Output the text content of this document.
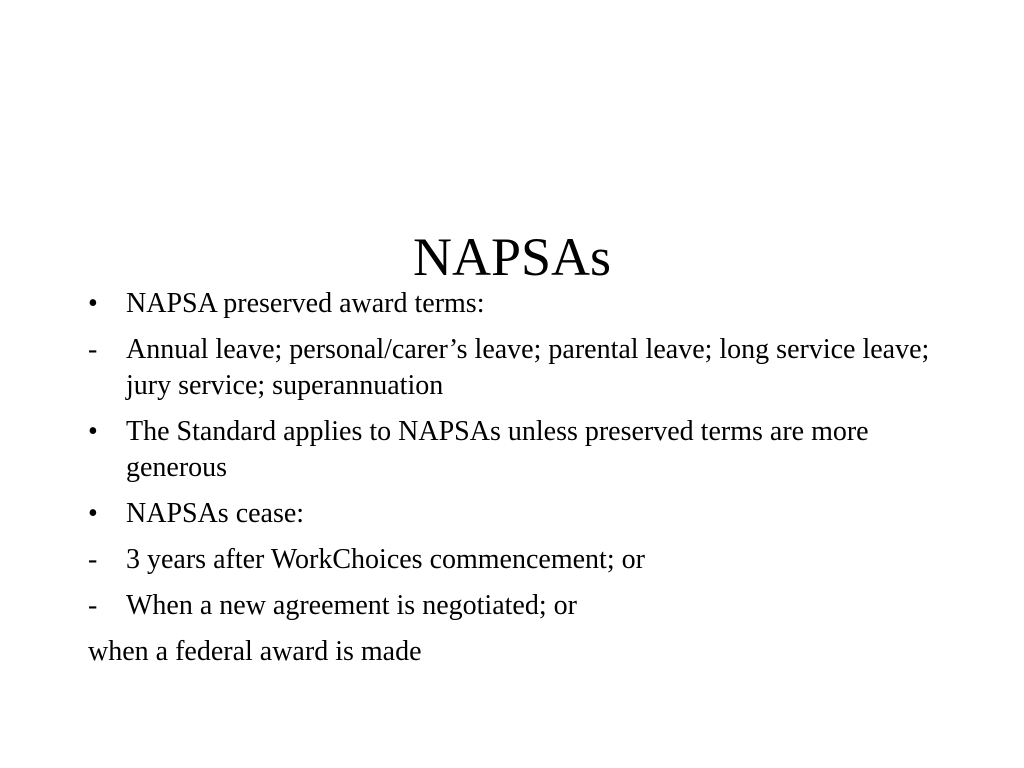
NAPSAs
•	NAPSA preserved award terms:
-	Annual leave; personal/carer’s leave; parental leave; long service leave; jury service; superannuation
•	The Standard applies to NAPSAs unless preserved terms are more generous
•	NAPSAs cease:
-	3 years after WorkChoices commencement; or
-	When a new agreement is negotiated; or
when a federal award is made
